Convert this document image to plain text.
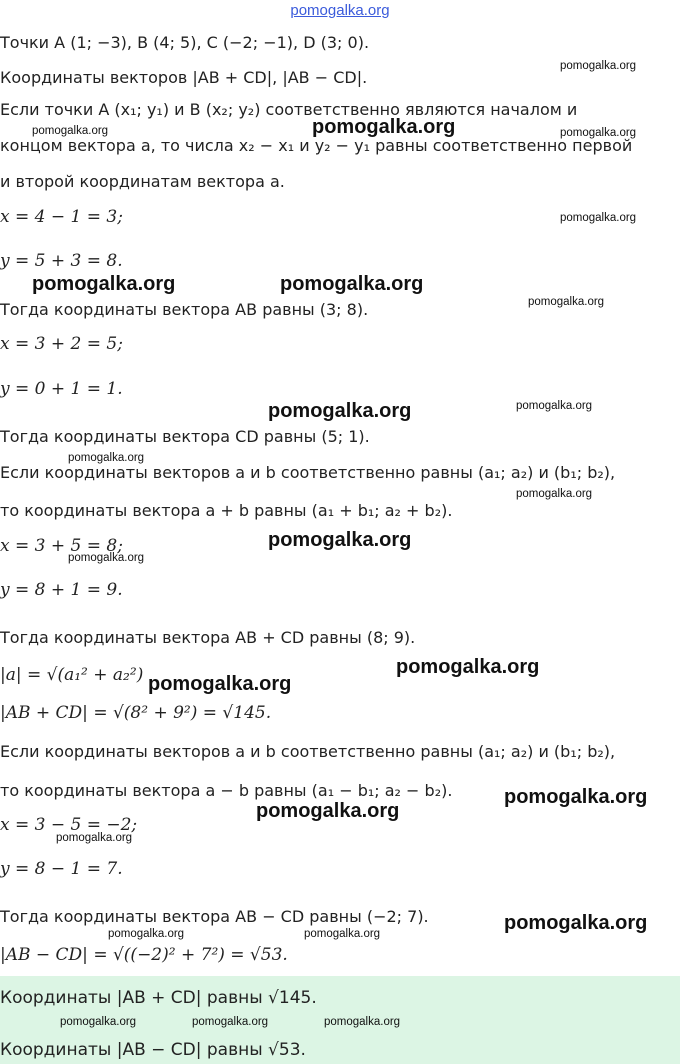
pomogalka.org
Точки A (1; −3), B (4; 5), C (−2; −1), D (3; 0).
Координаты векторов |AB + CD|, |AB − CD|.
Если точки A (x₁; y₁) и B (x₂; y₂) соответственно являются началом и
концом вектора a, то числа x₂ − x₁ и y₂ − y₁ равны соответственно первой
и второй координатам вектора a.
x = 4 − 1 = 3;
y = 5 + 3 = 8.
Тогда координаты вектора AB равны (3; 8).
x = 3 + 2 = 5;
y = 0 + 1 = 1.
Тогда координаты вектора CD равны (5; 1).
Если координаты векторов a и b соответственно равны (a₁; a₂) и (b₁; b₂),
то координаты вектора a + b равны (a₁ + b₁; a₂ + b₂).
x = 3 + 5 = 8;
y = 8 + 1 = 9.
Тогда координаты вектора AB + CD равны (8; 9).
|a| = √(a₁² + a₂²)
|AB + CD| = √(8² + 9²) = √145.
Если координаты векторов a и b соответственно равны (a₁; a₂) и (b₁; b₂),
то координаты вектора a − b равны (a₁ − b₁; a₂ − b₂).
x = 3 − 5 = −2;
y = 8 − 1 = 7.
Тогда координаты вектора AB − CD равны (−2; 7).
|AB − CD| = √((−2)² + 7²) = √53.
Координаты |AB + CD| равны √145.
Координаты |AB − CD| равны √53.
pomogalka.org
pomogalka.org
pomogalka.org	pomogalka.org
pomogalka.org
pomogalka.org	pomogalka.org
pomogalka.org
pomogalka.org	pomogalka.org
pomogalka.org
pomogalka.org
pomogalka.org
pomogalka.org
pomogalka.org
pomogalka.org
pomogalka.org
pomogalka.org
pomogalka.org
pomogalka.org
pomogalka.org	pomogalka.org
pomogalka.org	pomogalka.org	pomogalka.org
